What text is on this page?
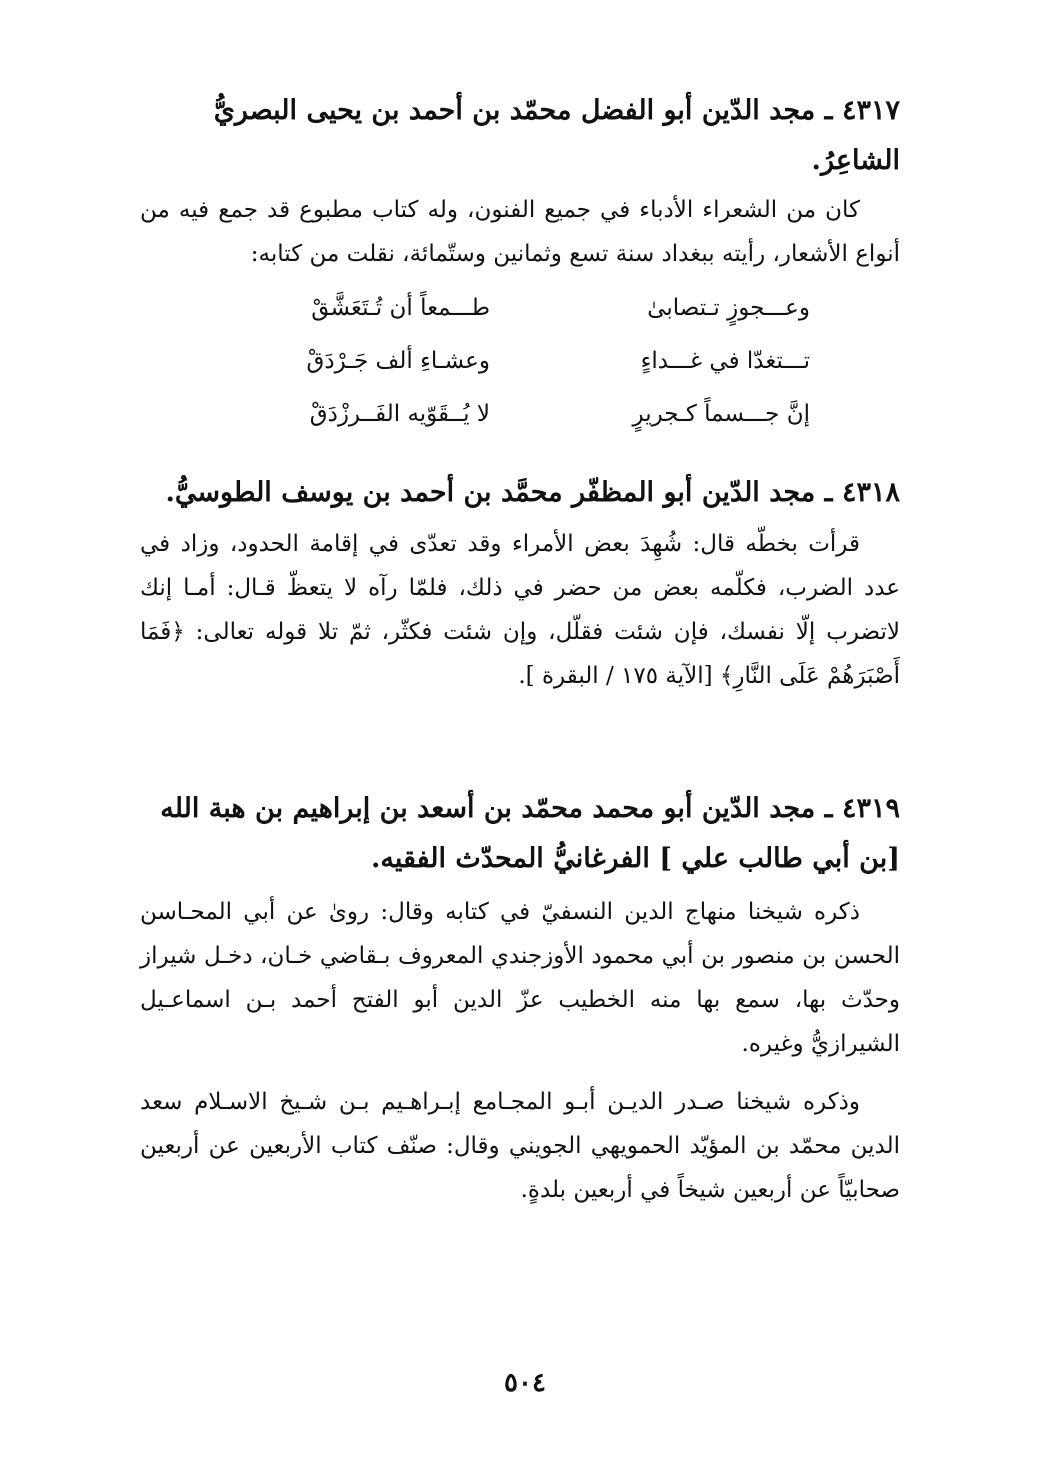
٤٣١٧ ـ مجد الدّين أبو الفضل محمّد بن أحمد بن يحيى البصريُّ الشاعِرُ.

كان من الشعراء الأدباء في جميع الفنون، وله كتاب مطبوع قد جمع فيه من أنواع الأشعار، رأيته ببغداد سنة تسع وثمانين وستّمائة، نقلت من كتابه:

وعـــجوزٍ تـتصابىٰ
طـــمعاً أن تُـتَعَشَّقْ
تـــتغدّا في غـــداءٍ
وعشـاءِ ألف جَـرْدَقْ
إنَّ جـــسماً كـجريرٍ
لا يُــقَوّيه الفَــرزْدَقْ

٤٣١٨ ـ مجد الدّين أبو المظفّر محمَّد بن أحمد بن يوسف الطوسيُّ.

قرأت بخطّه قال: شُهِدَ بعض الأمراء وقد تعدّى في إقامة الحدود، وزاد في عدد الضرب، فكلّمه بعض من حضر في ذلك، فلمّا رآه لا يتعظّ قـال: أمـا إنك لاتضرب إلّا نفسك، فإن شئت فقلّل، وإن شئت فكثّر، ثمّ تلا قوله تعالى: ﴿فَمَا أَصْبَرَهُمْ عَلَى النَّارِ﴾ [الآية ١٧٥ / البقرة ].

٤٣١٩ ـ مجد الدّين أبو محمد محمّد بن أسعد بن إبراهيم بن هبة الله [بن أبي طالب علي ] الفرغانيُّ المحدّث الفقيه.

ذكره شيخنا منهاج الدين النسفيّ في كتابه وقال: روىٰ عن أبي المحـاسن الحسن بن منصور بن أبي محمود الأوزجندي المعروف بـقاضي خـان، دخـل شيراز وحدّث بها، سمع بها منه الخطيب عزّ الدين أبو الفتح أحمد بـن اسماعـيل الشيرازيُّ وغيره.

وذكره شيخنا صـدر الديـن أبـو المجـامع إبـراهـيم بـن شـيخ الاسـلام سعد الدين محمّد بن المؤيّد الحمويهي الجويني وقال: صنّف كتاب الأربعين عن أربعين صحابيّاً عن أربعين شيخاً في أربعين بلدةٍ.

٥٠٤
